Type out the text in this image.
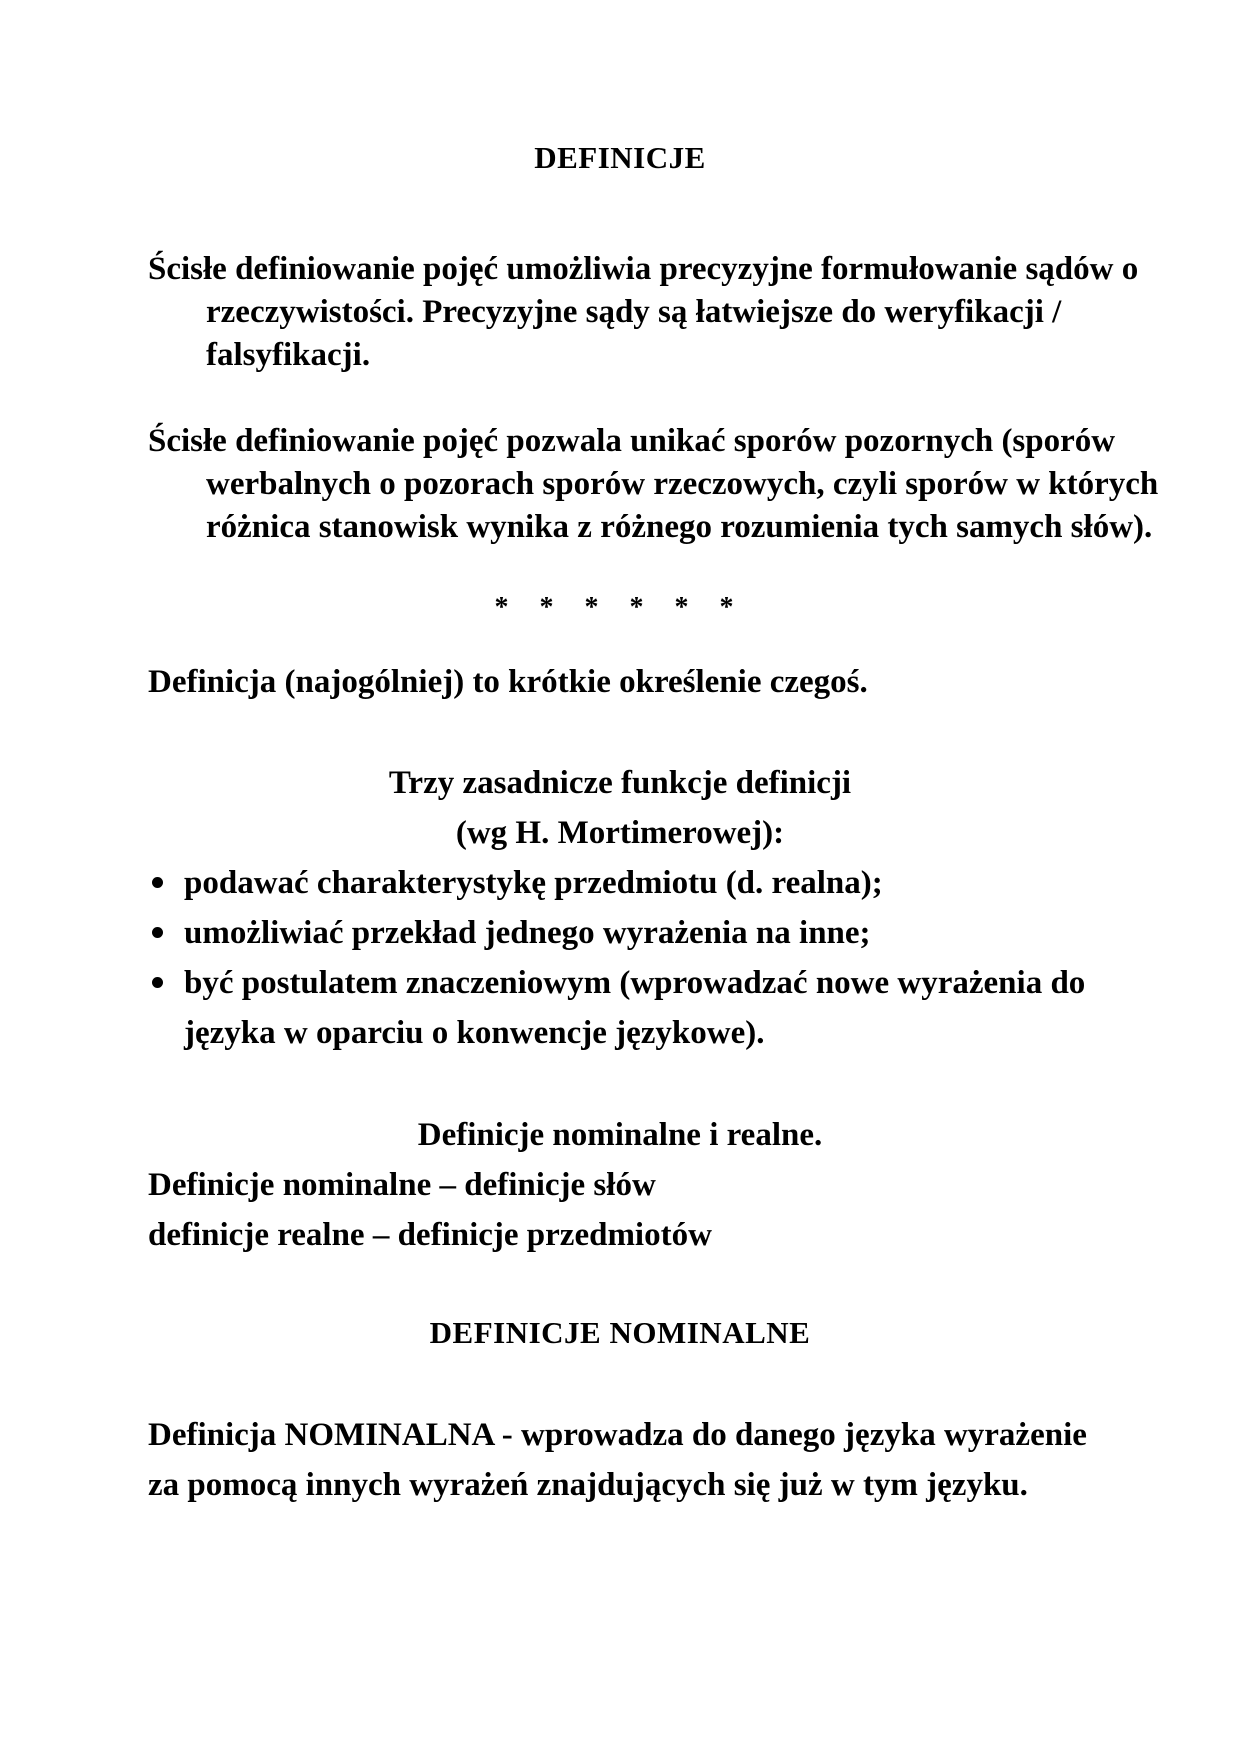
DEFINICJE
Ścisłe definiowanie pojęć umożliwia precyzyjne formułowanie sądów o rzeczywistości. Precyzyjne sądy są łatwiejsze do weryfikacji / falsyfikacji.
Ścisłe definiowanie pojęć pozwala unikać sporów pozornych (sporów werbalnych o pozorach sporów rzeczowych, czyli sporów w których różnica stanowisk wynika z różnego rozumienia tych samych słów).
* * * * * *
Definicja (najogólniej) to krótkie określenie czegoś.
Trzy zasadnicze funkcje definicji
(wg H. Mortimerowej):
podawać charakterystykę przedmiotu (d. realna);
umożliwiać przekład jednego wyrażenia na inne;
być postulatem znaczeniowym (wprowadzać nowe wyrażenia do języka w oparciu o konwencje językowe).
Definicje nominalne i realne.
Definicje nominalne – definicje słów
definicje realne – definicje przedmiotów
DEFINICJE NOMINALNE
Definicja NOMINALNA - wprowadza do danego języka wyrażenie za pomocą innych wyrażeń znajdujących się już w tym języku.
